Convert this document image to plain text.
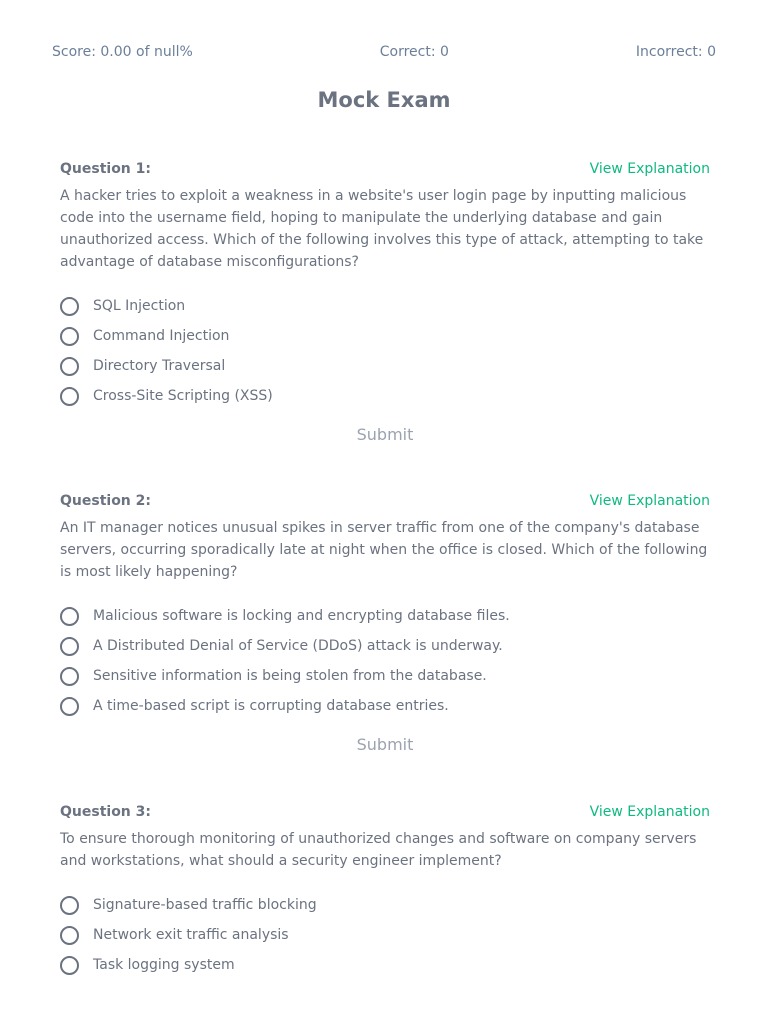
Score: 0.00 of null%	Correct: 0	Incorrect: 0
Mock Exam
Question 1:	View Explanation

A hacker tries to exploit a weakness in a website's user login page by inputting malicious code into the username field, hoping to manipulate the underlying database and gain unauthorized access. Which of the following involves this type of attack, attempting to take advantage of database misconfigurations?

SQL Injection
Command Injection
Directory Traversal
Cross-Site Scripting (XSS)
Submit
Question 2:	View Explanation

An IT manager notices unusual spikes in server traffic from one of the company's database servers, occurring sporadically late at night when the office is closed. Which of the following is most likely happening?

Malicious software is locking and encrypting database files.
A Distributed Denial of Service (DDoS) attack is underway.
Sensitive information is being stolen from the database.
A time-based script is corrupting database entries.
Submit
Question 3:	View Explanation

To ensure thorough monitoring of unauthorized changes and software on company servers and workstations, what should a security engineer implement?

Signature-based traffic blocking
Network exit traffic analysis
Task logging system
